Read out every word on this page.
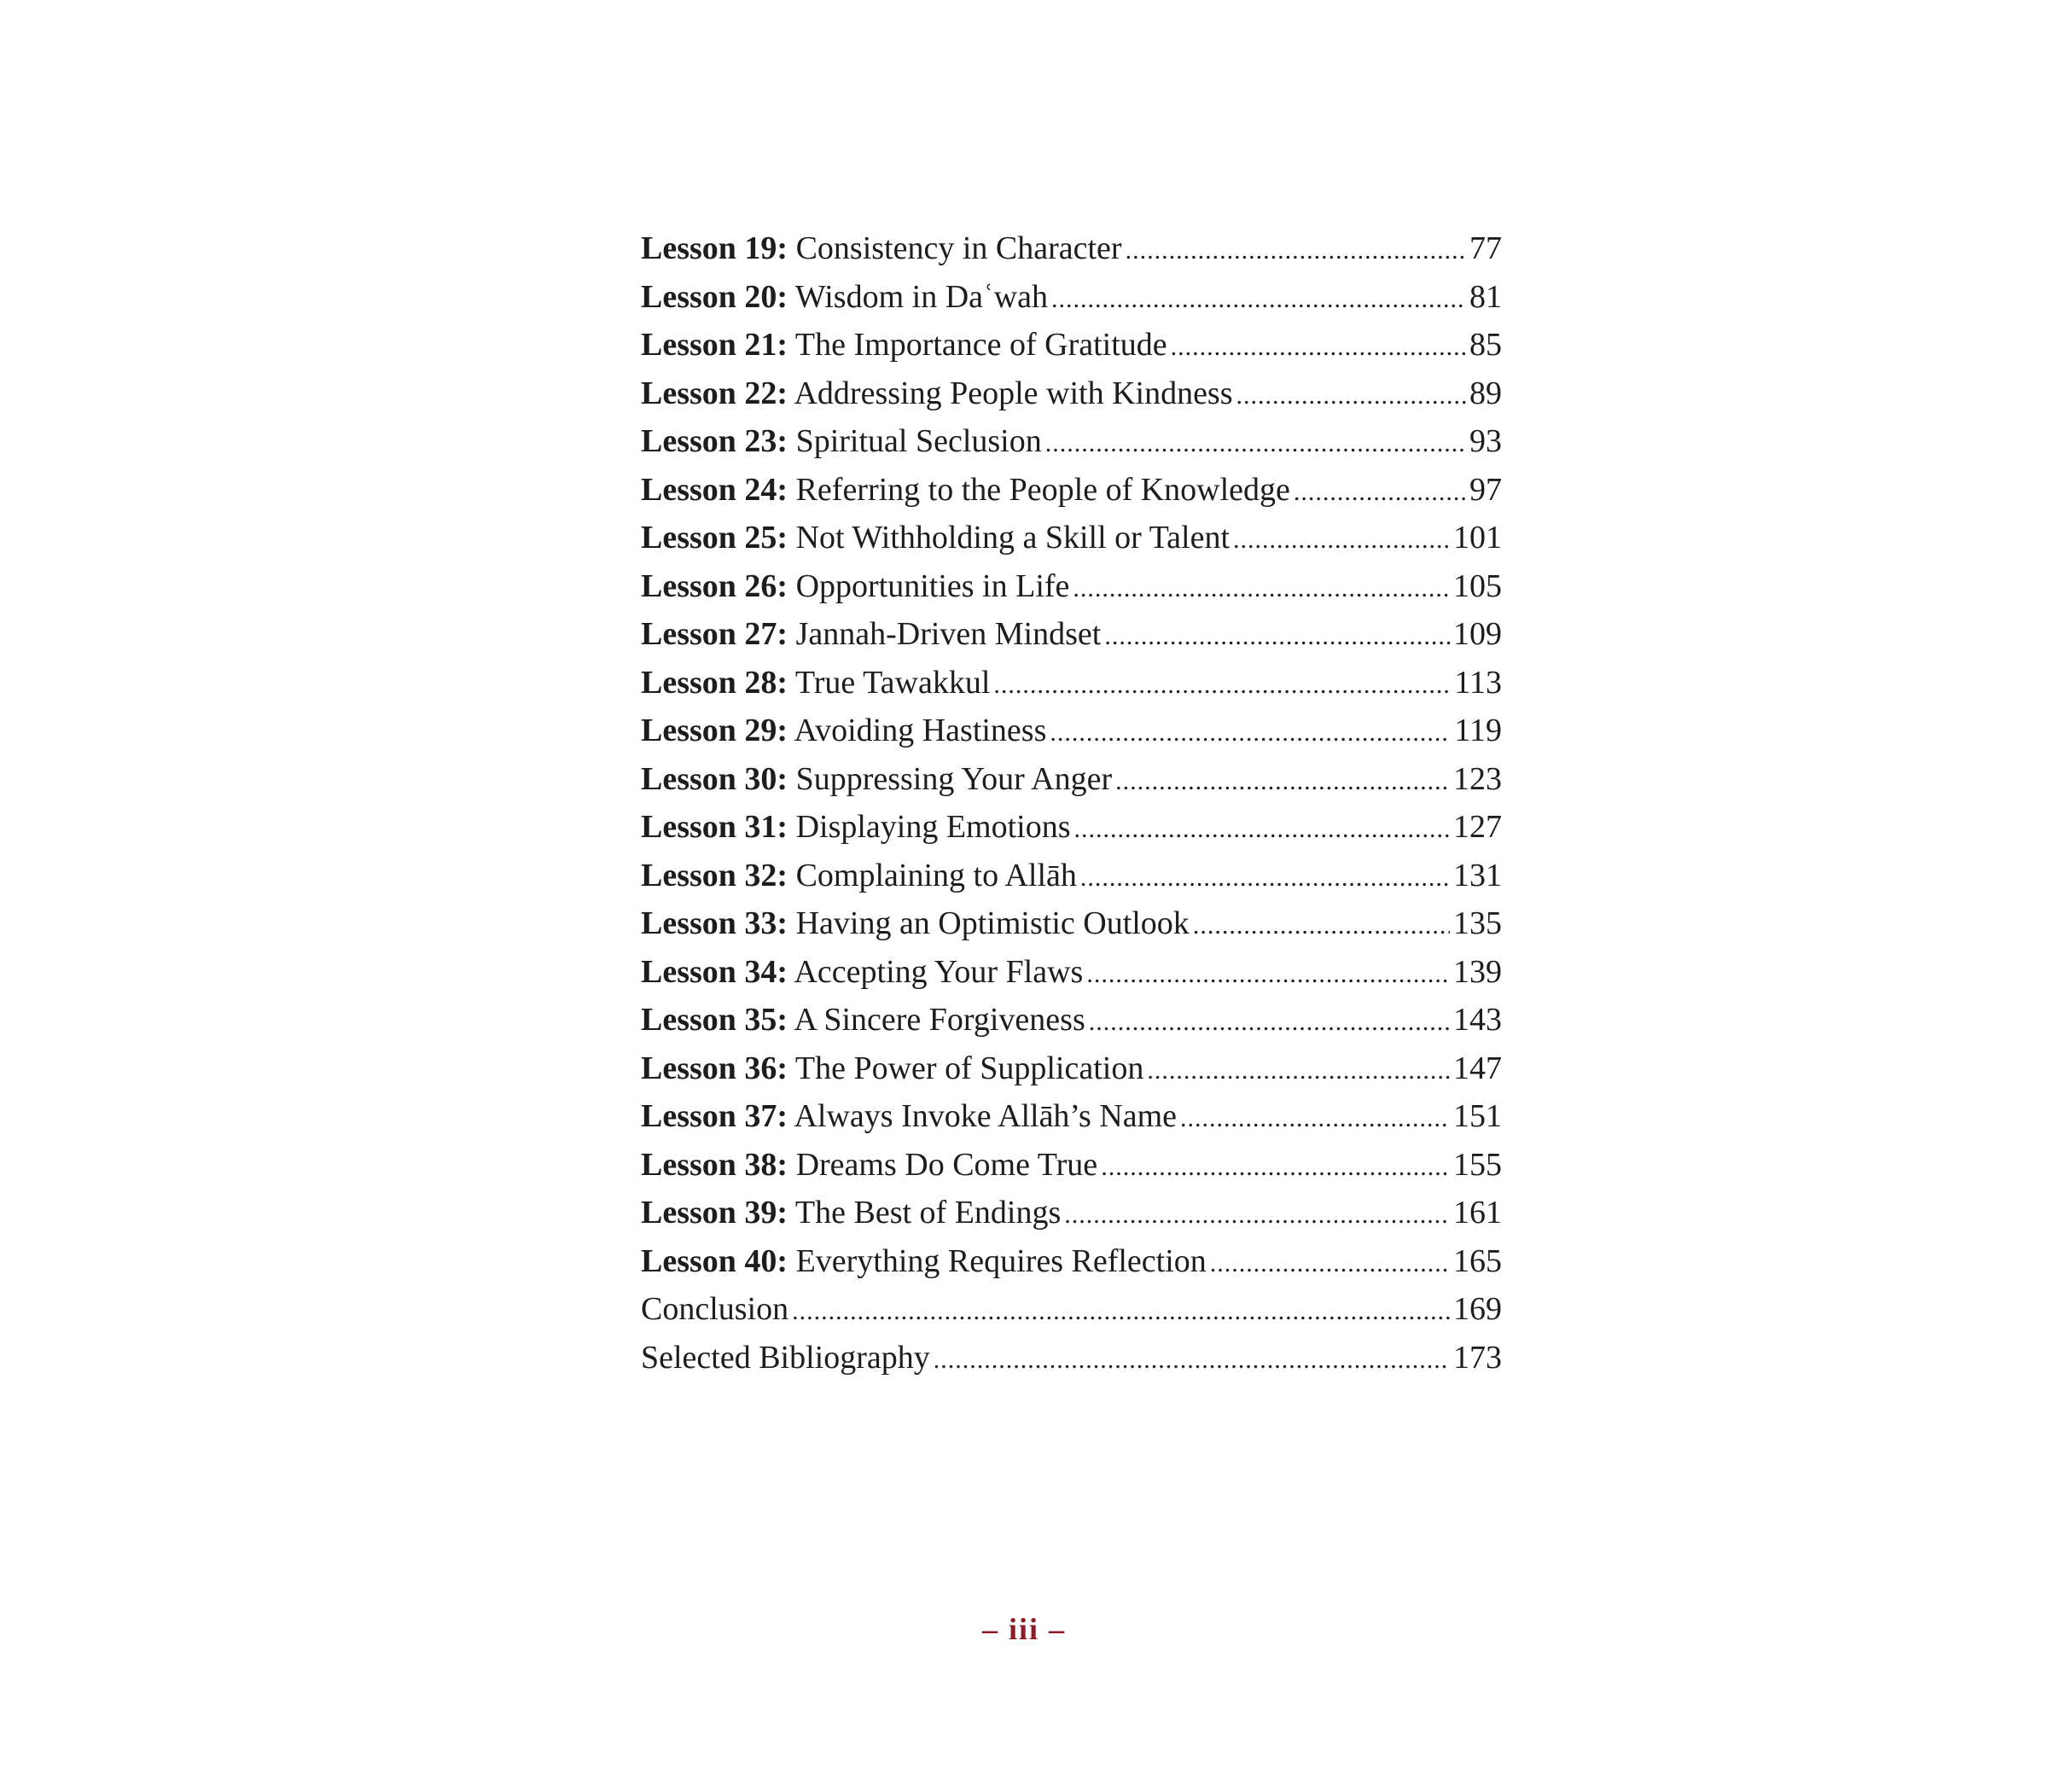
Lesson 19: Consistency in Character .....	77
Lesson 20: Wisdom in Daʿwah .....	81
Lesson 21: The Importance of Gratitude .....	85
Lesson 22: Addressing People with Kindness .....	89
Lesson 23: Spiritual Seclusion .....	93
Lesson 24: Referring to the People of Knowledge .....	97
Lesson 25: Not Withholding a Skill or Talent .....	101
Lesson 26: Opportunities in Life .....	105
Lesson 27: Jannah-Driven Mindset .....	109
Lesson 28: True Tawakkul .....	113
Lesson 29: Avoiding Hastiness .....	119
Lesson 30: Suppressing Your Anger .....	123
Lesson 31: Displaying Emotions .....	127
Lesson 32: Complaining to Allāh .....	131
Lesson 33: Having an Optimistic Outlook .....	135
Lesson 34: Accepting Your Flaws .....	139
Lesson 35: A Sincere Forgiveness .....	143
Lesson 36: The Power of Supplication .....	147
Lesson 37: Always Invoke Allāh’s Name .....	151
Lesson 38: Dreams Do Come True .....	155
Lesson 39: The Best of Endings .....	161
Lesson 40: Everything Requires Reflection .....	165
Conclusion .....	169
Selected Bibliography .....	173
– iii –
